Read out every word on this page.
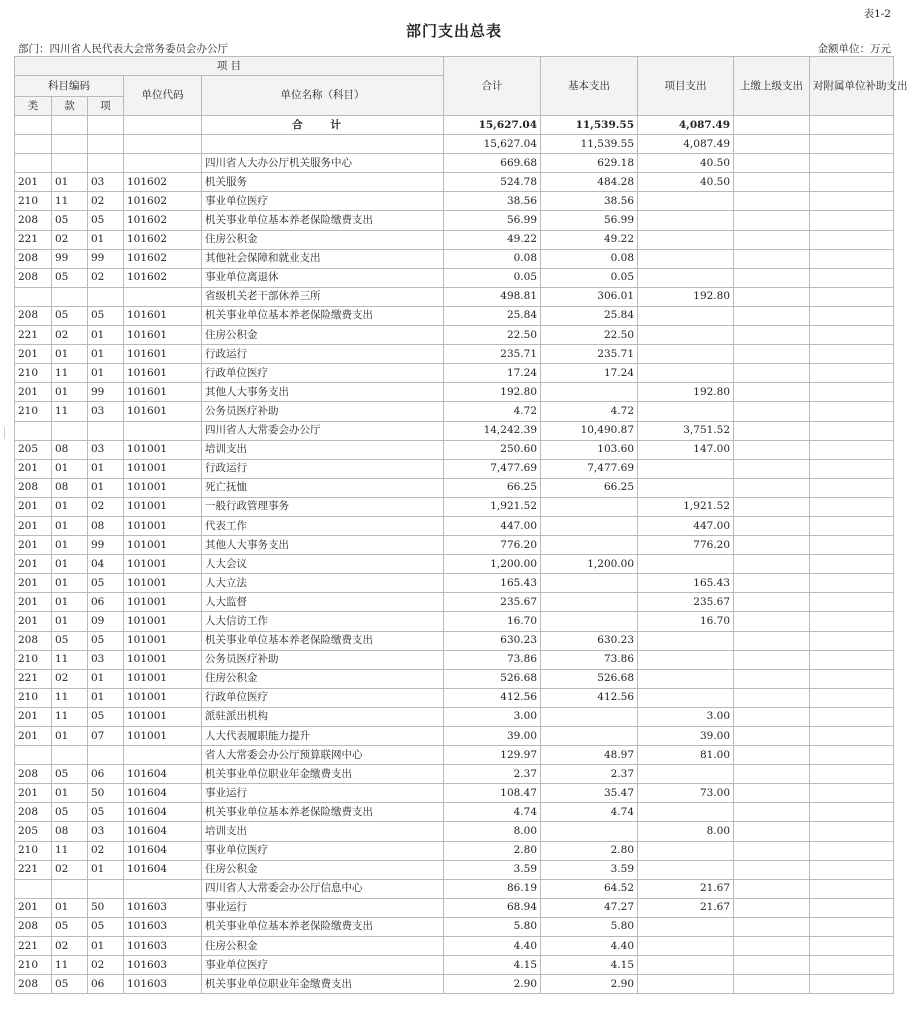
表1-2
部门支出总表
部门：四川省人民代表大会常务委员会办公厅	金额单位：万元
项 目					合计	基本支出	项目支出	上缴上级支出	对附属单位补助支出
科目编码			单位代码	单位名称（科目）					
类	款	项							
				合 计	15,627.04	11,539.55	4,087.49		
					15,627.04	11,539.55	4,087.49		
				四川省人大办公厅机关服务中心	669.68	629.18	40.50		
201	01	03	101602	机关服务	524.78	484.28	40.50		
210	11	02	101602	事业单位医疗	38.56	38.56			
208	05	05	101602	机关事业单位基本养老保险缴费支出	56.99	56.99			
221	02	01	101602	住房公积金	49.22	49.22			
208	99	99	101602	其他社会保障和就业支出	0.08	0.08			
208	05	02	101602	事业单位离退休	0.05	0.05			
				省级机关老干部休养三所	498.81	306.01	192.80		
208	05	05	101601	机关事业单位基本养老保险缴费支出	25.84	25.84			
221	02	01	101601	住房公积金	22.50	22.50			
201	01	01	101601	行政运行	235.71	235.71			
210	11	01	101601	行政单位医疗	17.24	17.24			
201	01	99	101601	其他人大事务支出	192.80		192.80		
210	11	03	101601	公务员医疗补助	4.72	4.72			
				四川省人大常委会办公厅	14,242.39	10,490.87	3,751.52		
205	08	03	101001	培训支出	250.60	103.60	147.00		
201	01	01	101001	行政运行	7,477.69	7,477.69			
208	08	01	101001	死亡抚恤	66.25	66.25			
201	01	02	101001	一般行政管理事务	1,921.52		1,921.52		
201	01	08	101001	代表工作	447.00		447.00		
201	01	99	101001	其他人大事务支出	776.20		776.20		
201	01	04	101001	人大会议	1,200.00	1,200.00			
201	01	05	101001	人大立法	165.43		165.43		
201	01	06	101001	人大监督	235.67		235.67		
201	01	09	101001	人大信访工作	16.70		16.70		
208	05	05	101001	机关事业单位基本养老保险缴费支出	630.23	630.23			
210	11	03	101001	公务员医疗补助	73.86	73.86			
221	02	01	101001	住房公积金	526.68	526.68			
210	11	01	101001	行政单位医疗	412.56	412.56			
201	11	05	101001	派驻派出机构	3.00		3.00		
201	01	07	101001	人大代表履职能力提升	39.00		39.00		
				省人大常委会办公厅预算联网中心	129.97	48.97	81.00		
208	05	06	101604	机关事业单位职业年金缴费支出	2.37	2.37			
201	01	50	101604	事业运行	108.47	35.47	73.00		
208	05	05	101604	机关事业单位基本养老保险缴费支出	4.74	4.74			
205	08	03	101604	培训支出	8.00		8.00		
210	11	02	101604	事业单位医疗	2.80	2.80			
221	02	01	101604	住房公积金	3.59	3.59			
				四川省人大常委会办公厅信息中心	86.19	64.52	21.67		
201	01	50	101603	事业运行	68.94	47.27	21.67		
208	05	05	101603	机关事业单位基本养老保险缴费支出	5.80	5.80			
221	02	01	101603	住房公积金	4.40	4.40			
210	11	02	101603	事业单位医疗	4.15	4.15			
208	05	06	101603	机关事业单位职业年金缴费支出	2.90	2.90			
